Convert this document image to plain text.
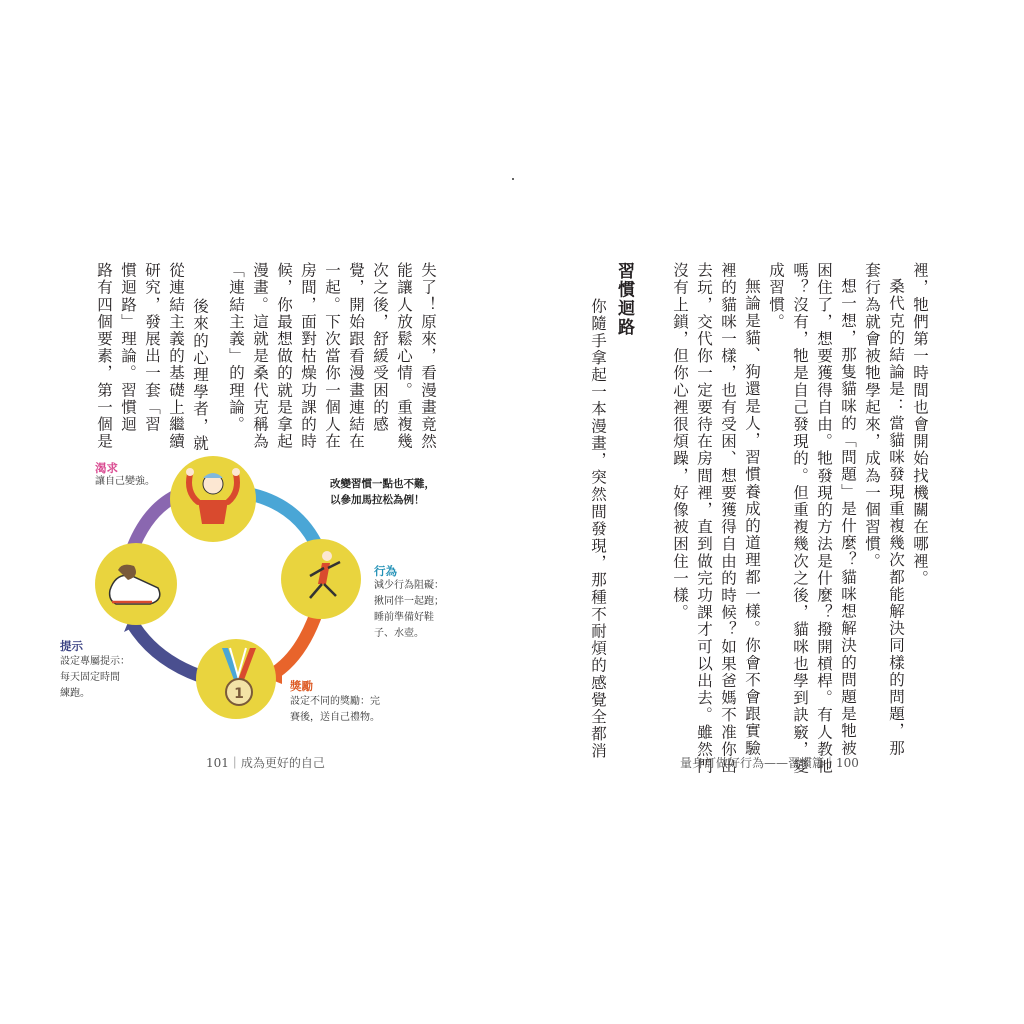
裡，牠們第一時間也會開始找機關在哪裡。
桑代克的結論是：當貓咪發現重複幾次都能解決同樣的問題，那
套行為就會被牠學起來，成為一個習慣。
想一想，那隻貓咪的「問題」是什麼？貓咪想解決的問題是牠被
困住了，想要獲得自由。牠發現的方法是什麼？撥開槓桿。有人教牠
嗎？沒有，牠是自己發現的。但重複幾次之後，貓咪也學到訣竅，變
成習慣。
無論是貓、狗還是人，習慣養成的道理都一樣。你會不會跟實驗
裡的貓咪一樣，也有受困、想要獲得自由的時候？如果爸媽不准你出
去玩，交代你一定要待在房間裡，直到做完功課才可以出去。雖然門
沒有上鎖，但你心裡很煩躁，好像被困住一樣。
習慣迴路
你隨手拿起一本漫畫，突然間發現，那種不耐煩的感覺全都消
量身訂做好行為——習慣篇｜100
失了！原來，看漫畫竟然
能讓人放鬆心情。重複幾
次之後，舒緩受困的感
覺，開始跟看漫畫連結在
一起。下次當你一個人在
房間，面對枯燥功課的時
候，你最想做的就是拿起
漫畫。這就是桑代克稱為
「連結主義」的理論。
後來的心理學者，就
從連結主義的基礎上繼續
研究，發展出一套「習
慣迴路」理論。習慣迴
路有四個要素，第一個是
101｜成為更好的自己
1
改變習慣一點也不難，
以參加馬拉松為例！
渴求
讓自己變強。
行為
減少行為阻礙：
揪同伴一起跑；
睡前準備好鞋
子、水壺。
獎勵
設定不同的獎勵：完
賽後，送自己禮物。
提示
設定專屬提示：
每天固定時間
練跑。
